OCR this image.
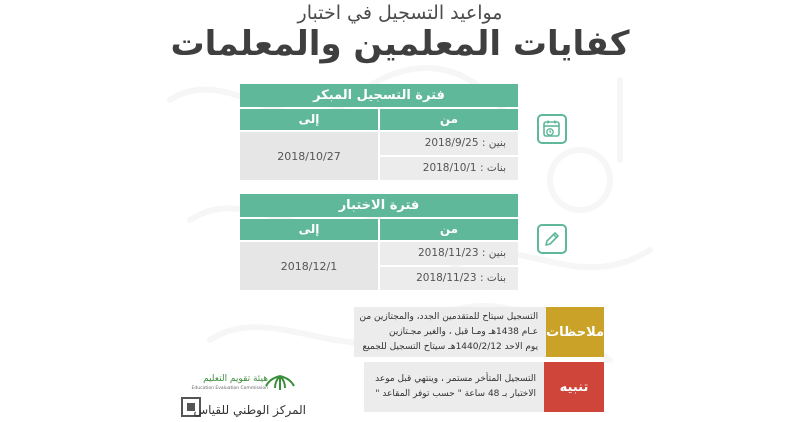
مواعيد التسجيل في اختبار
كفايات المعلمين والمعلمات
فترة التسجيل المبكر
من
إلى
بنين : 2018/9/25
بنات : 2018/10/1
2018/10/27
فترة الاختبار
من
إلى
بنين : 2018/11/23
بنات : 2018/11/23
2018/12/1
ملاحظات
التسجيل سيتاح للمتقدمين الجدد، والمجتازين من
عـام 1438هـ ومـا قبل ، والغير مجـتازين
يوم الاحد 1440/2/12هـ سيتاح التسجيل للجميع
تنبيه
التسجيل المتأخر مستمر ، وينتهي قبل موعد
الاختبار بـ 48 ساعة " حسب توفر المقاعد "
هيئة تقويم التعليم
Education Evaluation Commission
المركز الوطني للقياس
